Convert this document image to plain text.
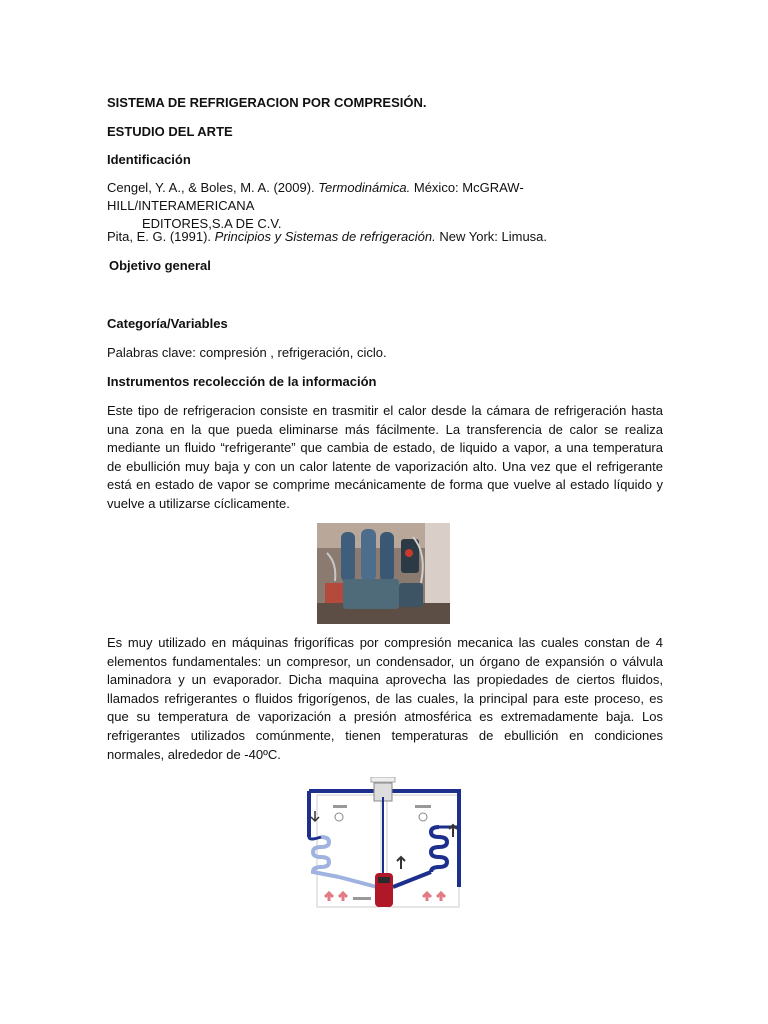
SISTEMA DE REFRIGERACION POR COMPRESIÓN.
ESTUDIO DEL ARTE
Identificación
Cengel, Y. A., & Boles, M. A. (2009). Termodinámica. México: McGRAW-HILL/INTERAMERICANA
EDITORES,S.A DE C.V.
Pita, E. G. (1991). Principios y Sistemas de refrigeración. New York: Limusa.
Objetivo general
Categoría/Variables
Palabras clave: compresión , refrigeración, ciclo.
Instrumentos recolección de la información
Este tipo de refrigeracion consiste en trasmitir el calor desde la cámara de refrigeración hasta una zona en la que pueda eliminarse más fácilmente. La transferencia de calor se realiza mediante un fluido “refrigerante” que cambia de estado, de liquido a vapor, a una temperatura de ebullición muy baja y con un calor latente de vaporización alto. Una vez que el refrigerante está en estado de vapor se comprime mecánicamente de forma que vuelve al estado líquido y vuelve a utilizarse cíclicamente.
Es muy utilizado en máquinas frigoríficas por compresión mecanica las cuales constan de 4 elementos fundamentales: un compresor, un condensador, un órgano de expansión o válvula laminadora y un evaporador. Dicha maquina aprovecha las propiedades de ciertos fluidos, llamados refrigerantes o fluidos frigorígenos, de las cuales, la principal para este proceso, es que su temperatura de vaporización a presión atmosférica es extremadamente baja. Los refrigerantes utilizados comúnmente, tienen temperaturas de ebullición en condiciones normales, alrededor de -40ºC.
